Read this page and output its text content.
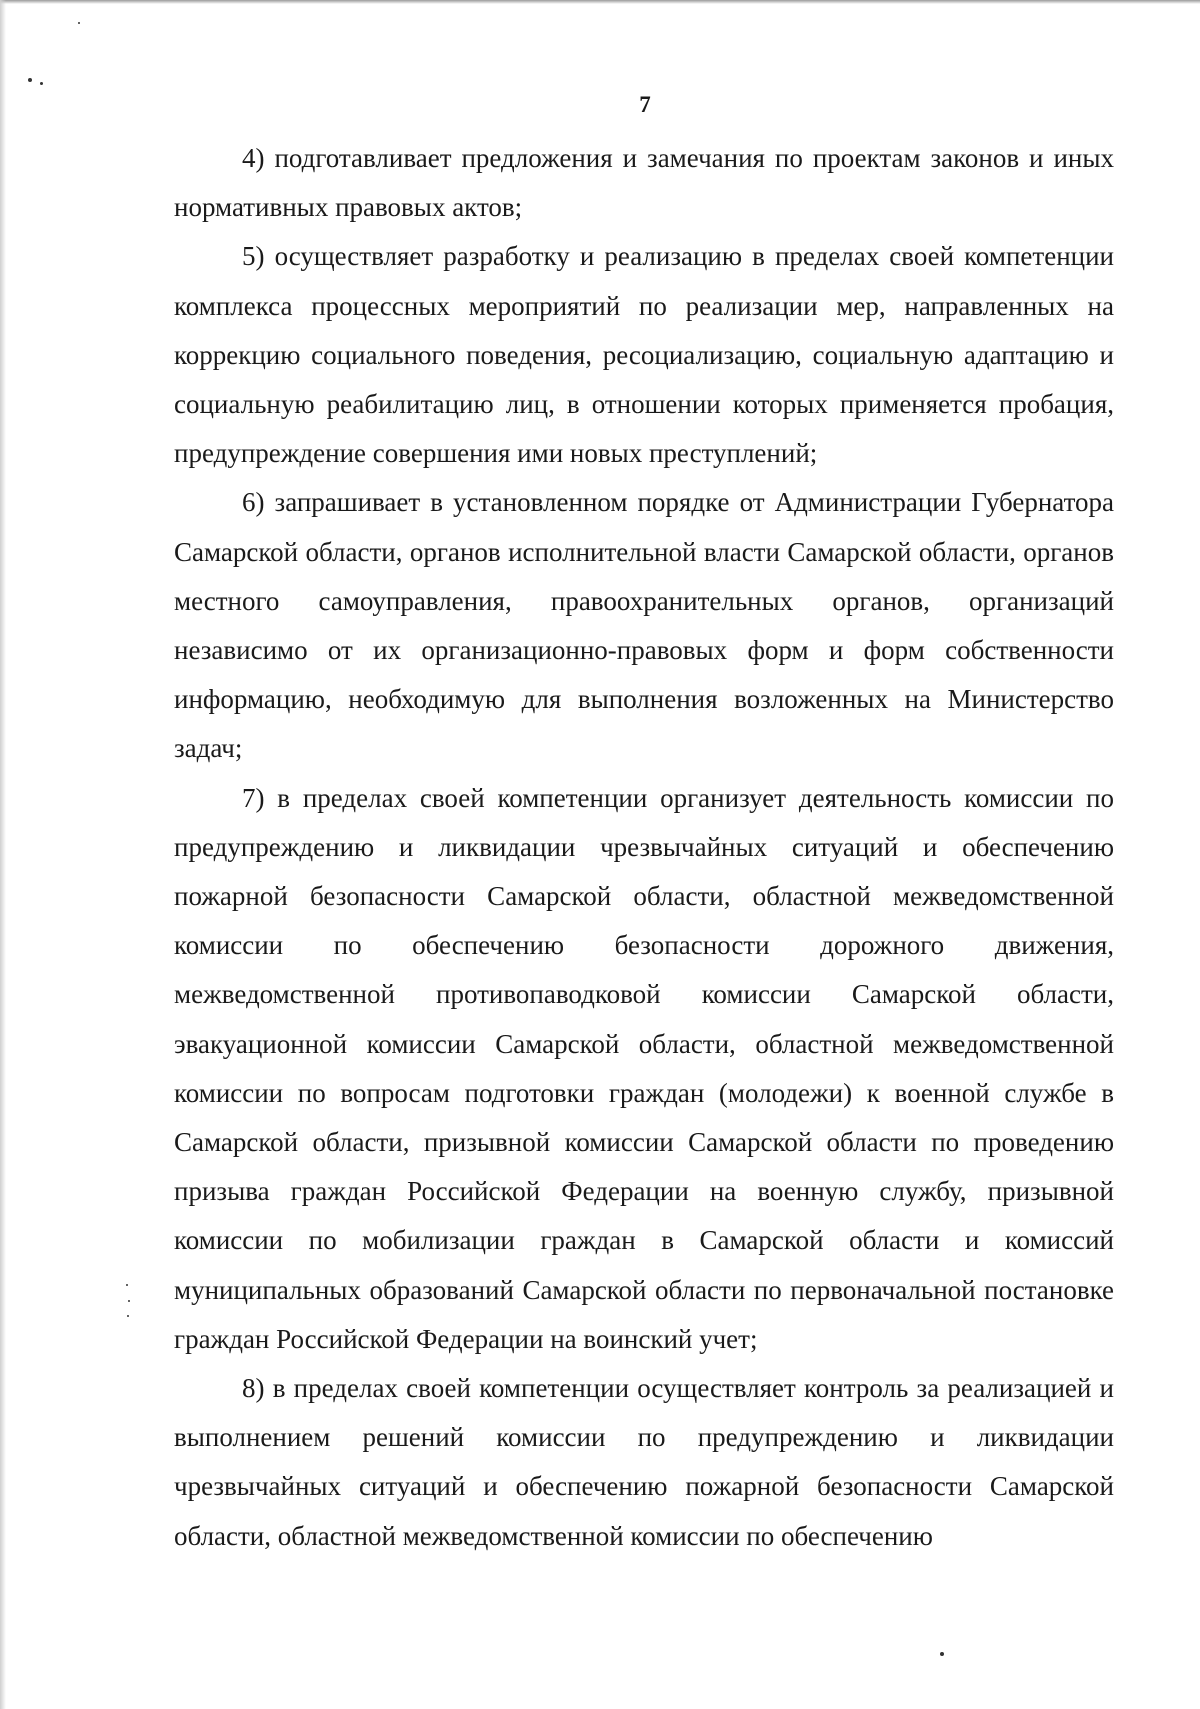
7

4) подготавливает предложения и замечания по проектам законов и иных нормативных правовых актов;

5) осуществляет разработку и реализацию в пределах своей компетенции комплекса процессных мероприятий по реализации мер, направленных на коррекцию социального поведения, ресоциализацию, социальную адаптацию и социальную реабилитацию лиц, в отношении которых применяется пробация, предупреждение совершения ими новых преступлений;

6) запрашивает в установленном порядке от Администрации Губернатора Самарской области, органов исполнительной власти Самарской области, органов местного самоуправления, правоохранительных органов, организаций независимо от их организационно-правовых форм и форм собственности информацию, необходимую для выполнения возложенных на Министерство задач;

7) в пределах своей компетенции организует деятельность комиссии по предупреждению и ликвидации чрезвычайных ситуаций и обеспечению пожарной безопасности Самарской области, областной межведомственной комиссии по обеспечению безопасности дорожного движения, межведомственной противопаводковой комиссии Самарской области, эвакуационной комиссии Самарской области, областной межведомственной комиссии по вопросам подготовки граждан (молодежи) к военной службе в Самарской области, призывной комиссии Самарской области по проведению призыва граждан Российской Федерации на военную службу, призывной комиссии по мобилизации граждан в Самарской области и комиссий муниципальных образований Самарской области по первоначальной постановке граждан Российской Федерации на воинский учет;

8) в пределах своей компетенции осуществляет контроль за реализацией и выполнением решений комиссии по предупреждению и ликвидации чрезвычайных ситуаций и обеспечению пожарной безопасности Самарской области, областной межведомственной комиссии по обеспечению
